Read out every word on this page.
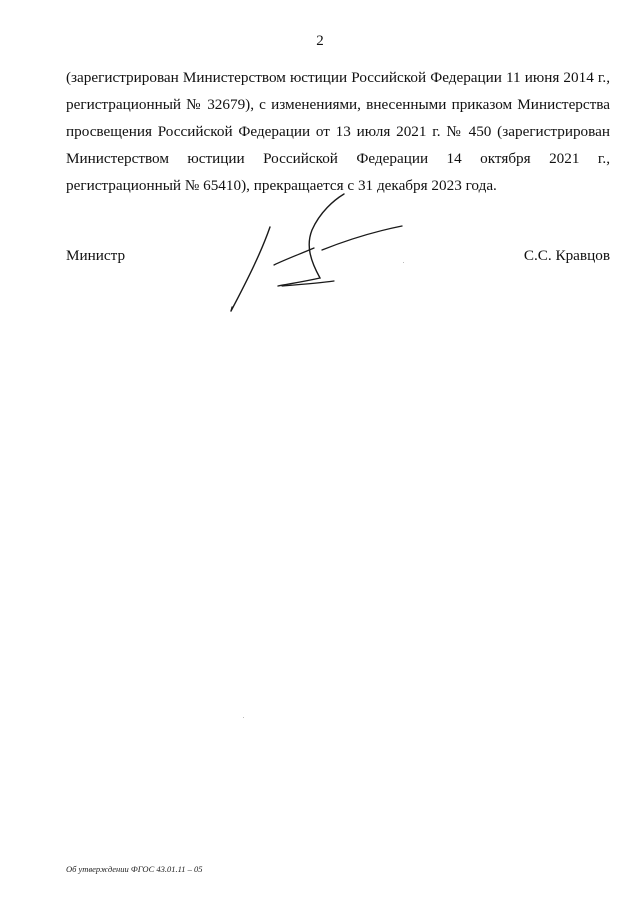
2
(зарегистрирован Министерством юстиции Российской Федерации 11 июня 2014 г.,
регистрационный № 32679), с изменениями, внесенными приказом Министерства
просвещения Российской Федерации от 13 июля 2021 г. № 450 (зарегистрирован
Министерством юстиции Российской Федерации 14 октября 2021 г.,
регистрационный № 65410), прекращается с 31 декабря 2023 года.
Министр	С.С. Кравцов
Об утверждении ФГОС 43.01.11 – 05
